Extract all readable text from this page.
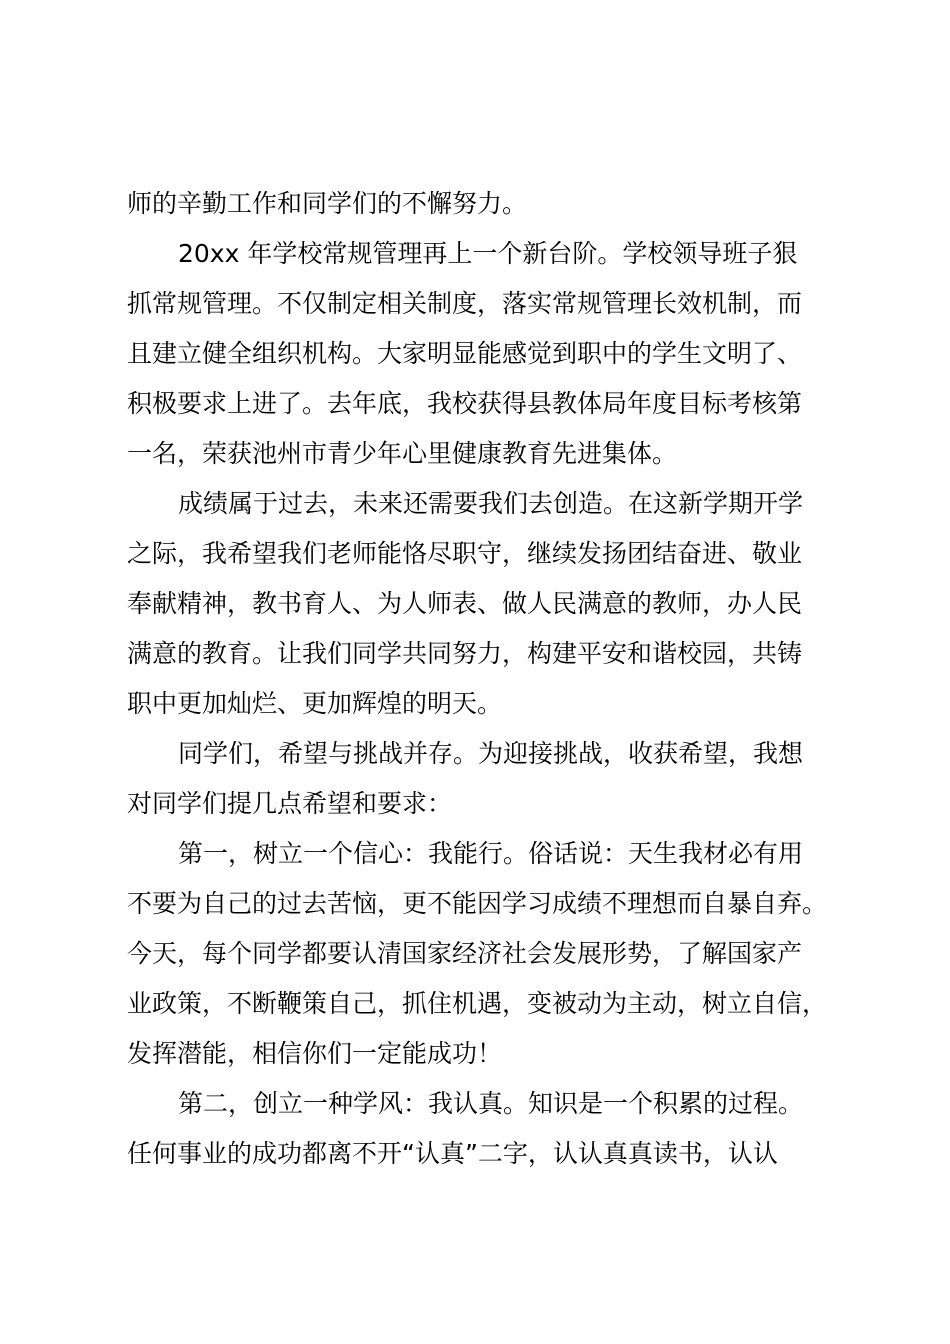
师的辛勤工作和同学们的不懈努力。
20xx 年学校常规管理再上一个新台阶。学校领导班子狠
抓常规管理。不仅制定相关制度，落实常规管理长效机制，而
且建立健全组织机构。大家明显能感觉到职中的学生文明了、
积极要求上进了。去年底，我校获得县教体局年度目标考核第
一名，荣获池州市青少年心里健康教育先进集体。
成绩属于过去，未来还需要我们去创造。在这新学期开学
之际，我希望我们老师能恪尽职守，继续发扬团结奋进、敬业
奉献精神，教书育人、为人师表、做人民满意的教师，办人民
满意的教育。让我们同学共同努力，构建平安和谐校园，共铸
职中更加灿烂、更加辉煌的明天。
同学们，希望与挑战并存。为迎接挑战，收获希望，我想
对同学们提几点希望和要求：
第一，树立一个信心：我能行。俗话说：天生我材必有用
不要为自己的过去苦恼，更不能因学习成绩不理想而自暴自弃。
今天，每个同学都要认清国家经济社会发展形势，了解国家产
业政策，不断鞭策自己，抓住机遇，变被动为主动，树立自信，
发挥潜能，相信你们一定能成功！
第二，创立一种学风：我认真。知识是一个积累的过程。
任何事业的成功都离不开“认真”二字，认认真真读书，认认
